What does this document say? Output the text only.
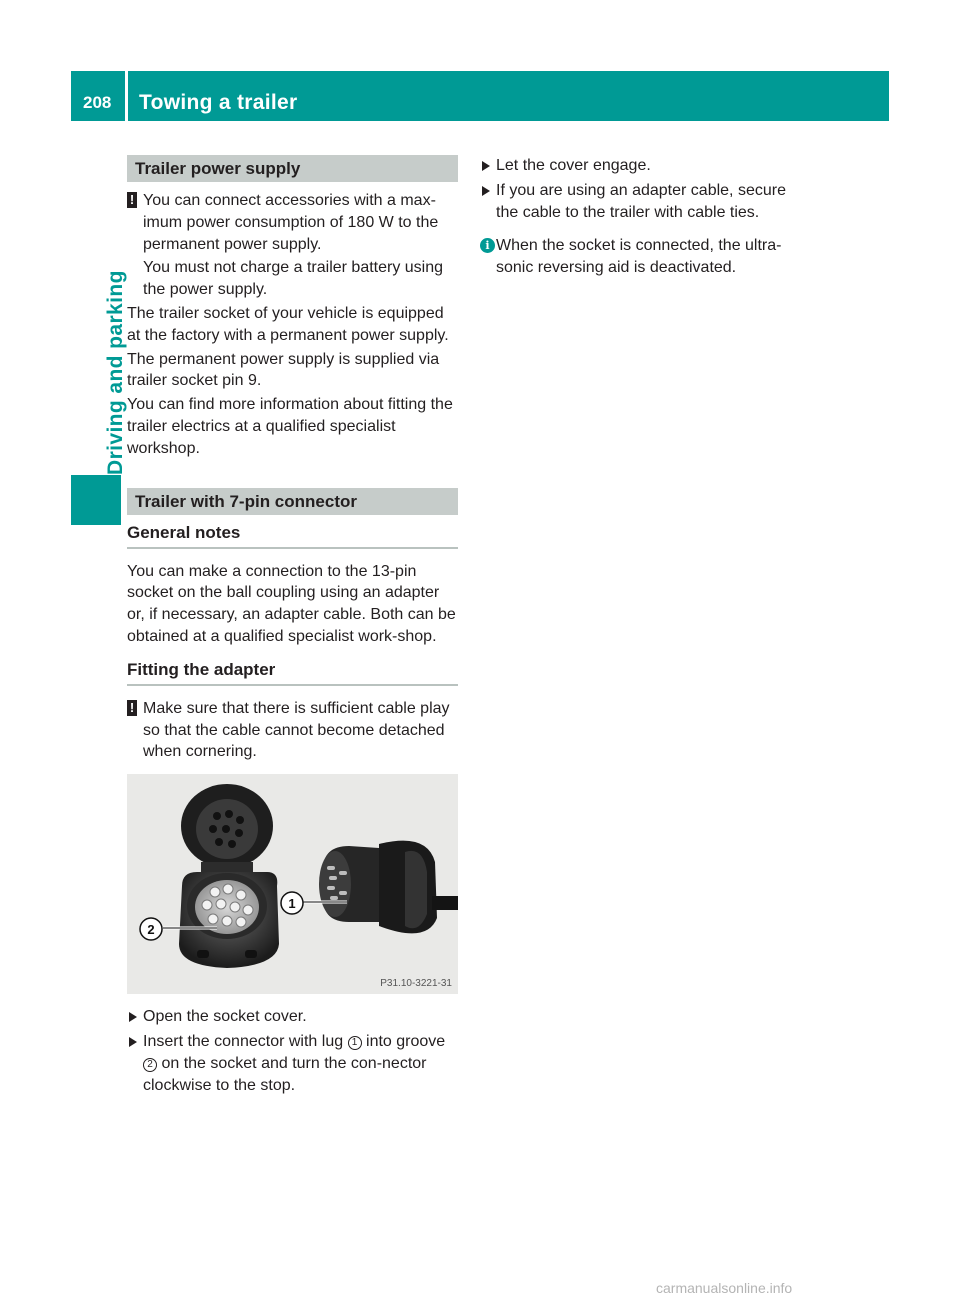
208 Towing a trailer
Driving and parking
Trailer power supply

! You can connect accessories with a max-imum power consumption of 180 W to the permanent power supply.

You must not charge a trailer battery using the power supply.

The trailer socket of your vehicle is equipped at the factory with a permanent power supply.

The permanent power supply is supplied via trailer socket pin 9.

You can find more information about fitting the trailer electrics at a qualified specialist workshop.

Trailer with 7-pin connector
General notes

You can make a connection to the 13-pin socket on the ball coupling using an adapter or, if necessary, an adapter cable. Both can be obtained at a qualified specialist work-shop.

Fitting the adapter

! Make sure that there is sufficient cable play so that the cable cannot become detached when cornering.

1
2
P31.10-3221-31

Open the socket cover.

Insert the connector with lug 1 into groove 2 on the socket and turn the con-nector clockwise to the stop.

Let the cover engage.

If you are using an adapter cable, secure the cable to the trailer with cable ties.

i When the socket is connected, the ultra-sonic reversing aid is deactivated.

carmanualsonline.info
